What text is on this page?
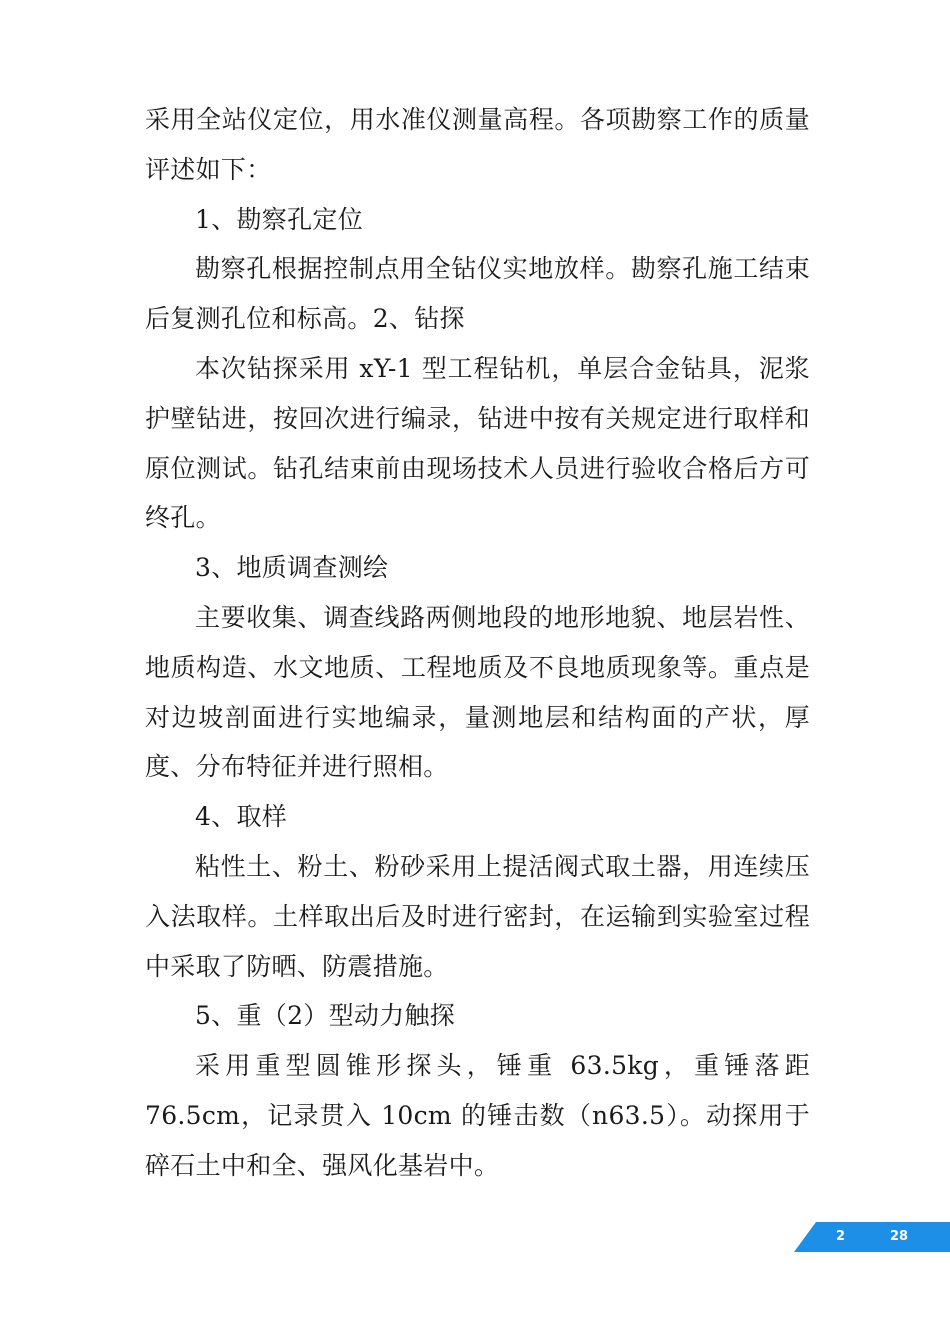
采用全站仪定位，用水准仪测量高程。各项勘察工作的质量评述如下：

1、勘察孔定位

勘察孔根据控制点用全钻仪实地放样。勘察孔施工结束后复测孔位和标高。2、钻探

本次钻探采用 xY-1 型工程钻机，单层合金钻具，泥浆护壁钻进，按回次进行编录，钻进中按有关规定进行取样和原位测试。钻孔结束前由现场技术人员进行验收合格后方可终孔。

3、地质调查测绘

主要收集、调查线路两侧地段的地形地貌、地层岩性、地质构造、水文地质、工程地质及不良地质现象等。重点是对边坡剖面进行实地编录，量测地层和结构面的产状，厚度、分布特征并进行照相。

4、取样

粘性土、粉土、粉砂采用上提活阀式取土器，用连续压入法取样。土样取出后及时进行密封，在运输到实验室过程中采取了防晒、防震措施。

5、重（2）型动力触探

采用重型圆锥形探头，锤重 63.5kg，重锤落距 76.5cm，记录贯入 10cm 的锤击数（n63.5）。动探用于碎石土中和全、强风化基岩中。

2	28
